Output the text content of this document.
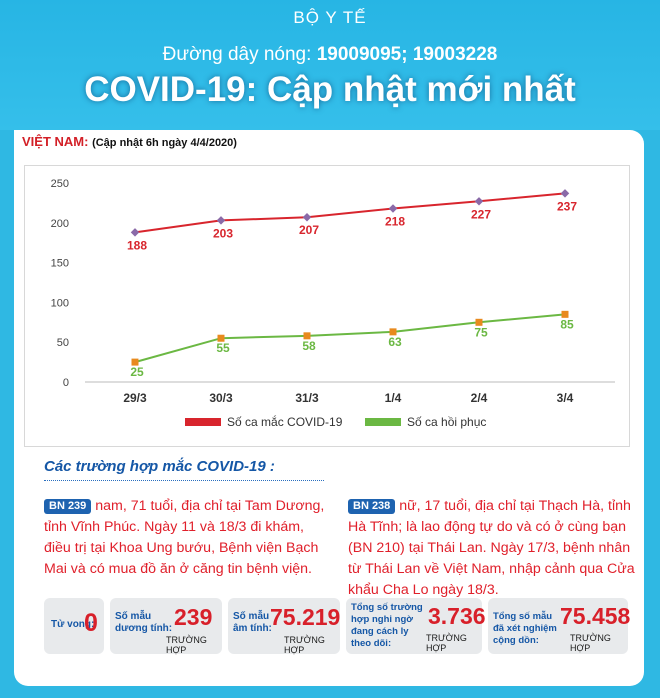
BỘ Y TẾ
Đường dây nóng: 19009095; 19003228
COVID-19: Cập nhật mới nhất
VIỆT NAM: (Cập nhật 6h ngày 4/4/2020)
0
50
100
150
200
250
29/3	30/3	31/3	1/4	2/4	3/4
188
203	207
218
227
237
25
55	58	63
75
85
Số ca mắc COVID-19	Số ca hồi phục
Các trường hợp mắc COVID-19 :
BN 239 nam, 71 tuổi, địa chỉ tại Tam Dương, tỉnh Vĩnh Phúc. Ngày 11 và 18/3 đi khám, điều trị tại Khoa Ung bướu, Bệnh viện Bạch Mai và có mua đồ ăn ở căng tin bệnh viện.
BN 238 nữ, 17 tuổi, địa chỉ tại Thạch Hà, tỉnh Hà Tĩnh; là lao động tự do và có ở cùng bạn (BN 210) tại Thái Lan. Ngày 17/3, bệnh nhân từ Thái Lan về Việt Nam, nhập cảnh qua Cửa khẩu Cha Lo ngày 18/3.
Tử vong:
0 Số mẫu dương tính: 239
TRƯỜNG HỢP
Số mẫu âm tính:
75.219
TRƯỜNG HỢP
Tổng số trường hợp nghi ngờ đang cách ly theo dõi:
3.736
TRƯỜNG HỢP
Tổng số mẫu đã xét nghiệm cộng dồn:
75.458
TRƯỜNG HỢP
